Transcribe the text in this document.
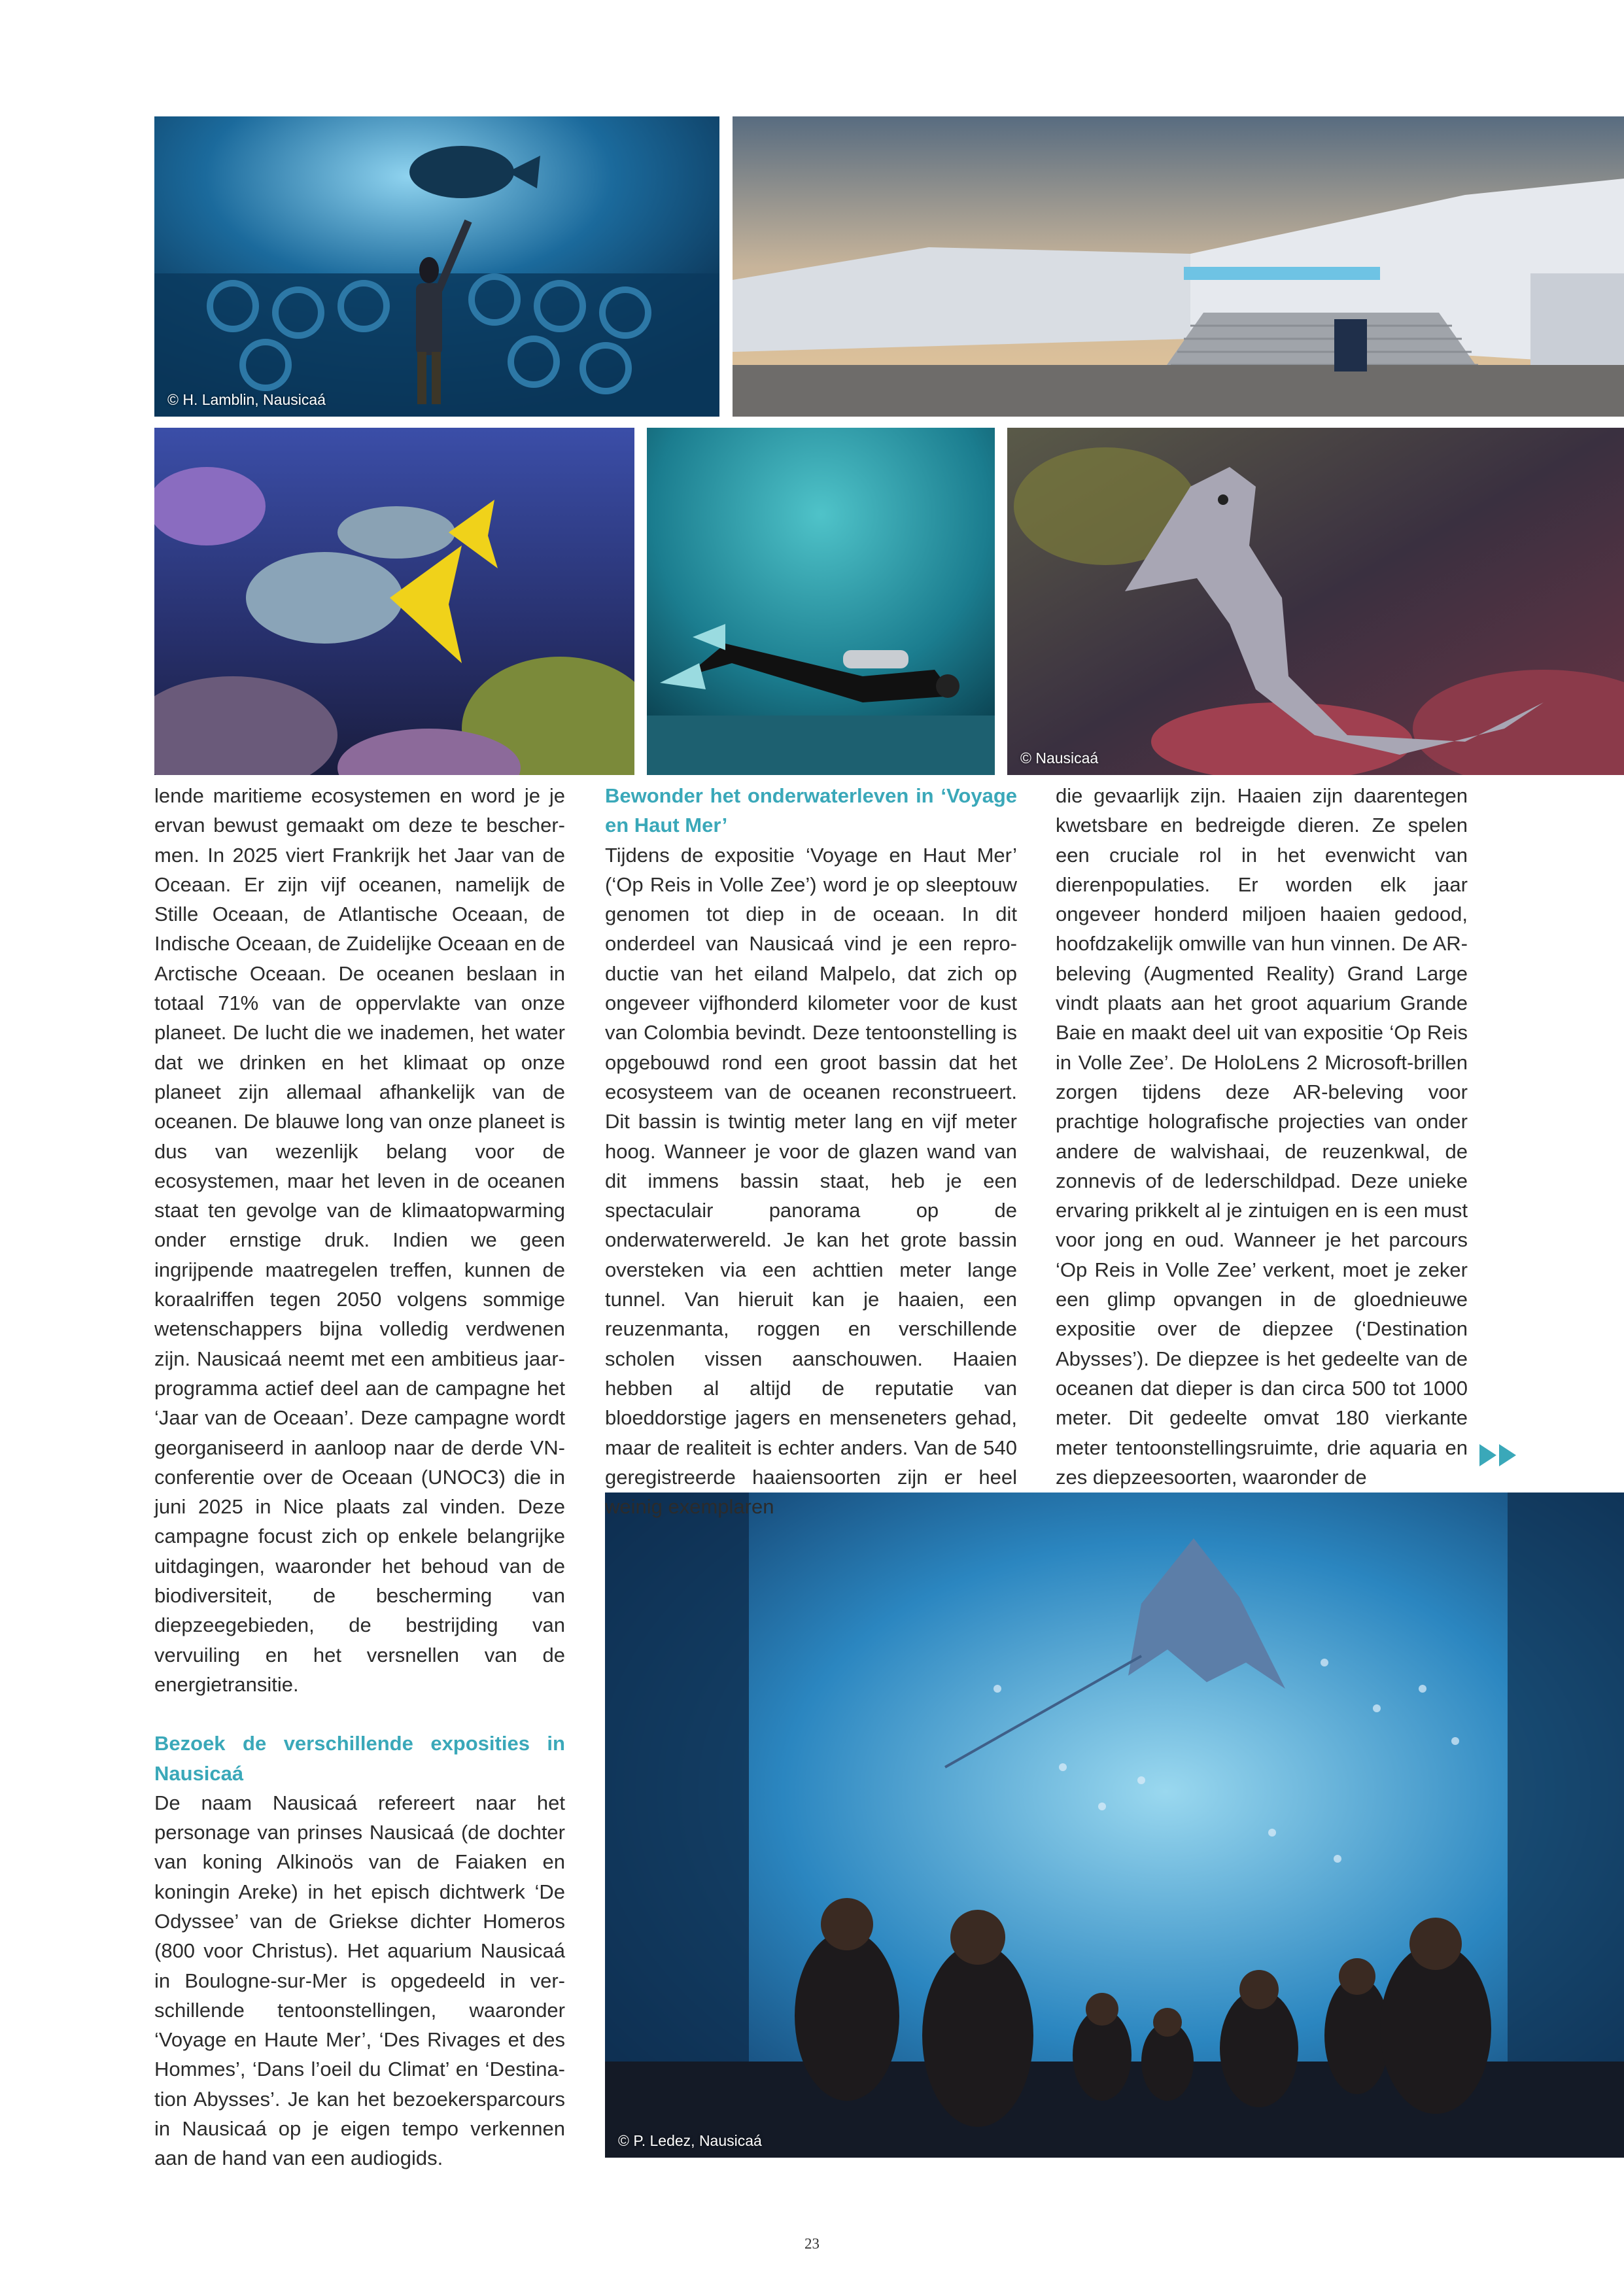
© H. Lamblin, Nausicaá
© Nausicaá
© P. Ledez, Nausicaá

lende maritieme ecosystemen en word je je ervan bewust gemaakt om deze te beschermen. In 2025 viert Frankrijk het Jaar van de Oceaan. Er zijn vijf oceanen, namelijk de Stille Oceaan, de Atlantische Oceaan, de Indische Oceaan, de Zuidelijke Oceaan en de Arctische Oceaan. De oceanen beslaan in totaal 71% van de oppervlakte van onze planeet. De lucht die we inademen, het water dat we drinken en het klimaat op onze planeet zijn allemaal afhankelijk van de oceanen. De blauwe long van onze planeet is dus van wezenlijk belang voor de ecosystemen, maar het leven in de oceanen staat ten gevolge van de klimaatopwarming onder ernstige druk. Indien we geen ingrijpende maatregelen treffen, kunnen de koraalriffen tegen 2050 volgens sommige wetenschappers bijna volledig verdwenen zijn. Nausicaá neemt met een ambitieus jaarprogramma actief deel aan de campagne het ‘Jaar van de Oceaan’. Deze campagne wordt georganiseerd in aanloop naar de derde VN-conferentie over de Oceaan (UNOC3) die in juni 2025 in Nice plaats zal vinden. Deze campagne focust zich op enkele belangrijke uitdagingen, waaronder het behoud van de biodiversiteit, de bescherming van diepzeegebieden, de bestrijding van vervuiling en het versnellen van de energietransitie.

Bezoek de verschillende exposities in Nausicaá

De naam Nausicaá refereert naar het personage van prinses Nausicaá (de dochter van koning Alkinoös van de Faiaken en koningin Areke) in het episch dichtwerk ‘De Odyssee’ van de Griekse dichter Homeros (800 voor Christus). Het aquarium Nausicaá in Boulogne-sur-Mer is opgedeeld in verschillende tentoonstellingen, waaronder ‘Voyage en Haute Mer’, ‘Des Rivages et des Hommes’, ‘Dans l’oeil du Climat’ en ‘Destination Abysses’. Je kan het bezoekersparcours in Nausicaá op je eigen tempo verkennen aan de hand van een audiogids.

Bewonder het onderwaterleven in ‘Voyage en Haut Mer’

Tijdens de expositie ‘Voyage en Haut Mer’ (‘Op Reis in Volle Zee’) word je op sleeptouw genomen tot diep in de oceaan. In dit onderdeel van Nausicaá vind je een reproductie van het eiland Malpelo, dat zich op ongeveer vijfhonderd kilometer voor de kust van Colombia bevindt. Deze tentoonstelling is opgebouwd rond een groot bassin dat het ecosysteem van de oceanen reconstrueert. Dit bassin is twintig meter lang en vijf meter hoog. Wanneer je voor de glazen wand van dit immens bassin staat, heb je een spectaculair panorama op de onderwaterwereld. Je kan het grote bassin oversteken via een achttien meter lange tunnel. Van hieruit kan je haaien, een reuzenmanta, roggen en verschillende scholen vissen aanschouwen. Haaien hebben al altijd de reputatie van bloeddorstige jagers en menseneters gehad, maar de realiteit is echter anders. Van de 540 geregistreerde haaiensoorten zijn er heel weinig exemplaren

die gevaarlijk zijn. Haaien zijn daarentegen kwetsbare en bedreigde dieren. Ze spelen een cruciale rol in het evenwicht van dierenpopulaties. Er worden elk jaar ongeveer honderd miljoen haaien gedood, hoofdzakelijk omwille van hun vinnen. De AR-beleving (Augmented Reality) Grand Large vindt plaats aan het groot aquarium Grande Baie en maakt deel uit van expositie ‘Op Reis in Volle Zee’. De HoloLens 2 Microsoft-brillen zorgen tijdens deze AR-beleving voor prachtige holografische projecties van onder andere de walvishaai, de reuzenkwal, de zonnevis of de lederschildpad. Deze unieke ervaring prikkelt al je zintuigen en is een must voor jong en oud. Wanneer je het parcours ‘Op Reis in Volle Zee’ verkent, moet je zeker een glimp opvangen in de gloednieuwe expositie over de diepzee (‘Destination Abysses’). De diepzee is het gedeelte van de oceanen dat dieper is dan circa 500 tot 1000 meter. Dit gedeelte omvat 180 vierkante meter tentoonstellingsruimte, drie aquaria en zes diepzeesoorten, waaronder de

23
